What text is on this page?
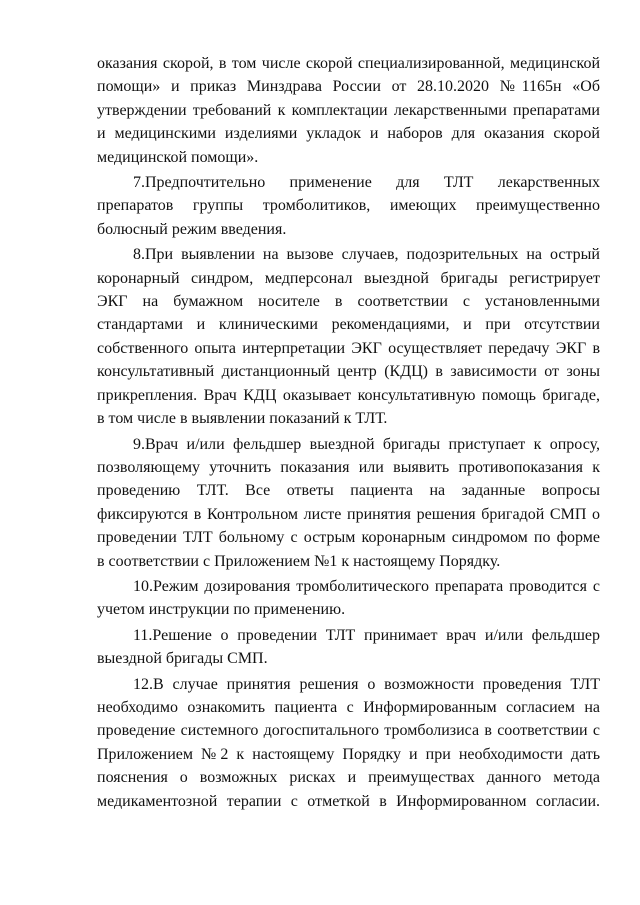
оказания скорой, в том числе скорой специализированной, медицинской
помощи» и приказ Минздрава России от 28.10.2020 №1165н «Об
утверждении требований к комплектации лекарственными препаратами
и медицинскими изделиями укладок и наборов для оказания скорой
медицинской помощи».
7.Предпочтительно применение для ТЛТ лекарственных
препаратов группы тромболитиков, имеющих преимущественно
болюсный режим введения.
8.При выявлении на вызове случаев, подозрительных на острый
коронарный синдром, медперсонал выездной бригады регистрирует
ЭКГ на бумажном носителе в соответствии с установленными
стандартами и клиническими рекомендациями, и при отсутствии
собственного опыта интерпретации ЭКГ осуществляет передачу ЭКГ в
консультативный дистанционный центр (КДЦ) в зависимости от зоны
прикрепления. Врач КДЦ оказывает консультативную помощь бригаде,
в том числе в выявлении показаний к ТЛТ.
9.Врач и/или фельдшер выездной бригады приступает к опросу,
позволяющему уточнить показания или выявить противопоказания к
проведению ТЛТ. Все ответы пациента на заданные вопросы
фиксируются в Контрольном листе принятия решения бригадой СМП о
проведении ТЛТ больному с острым коронарным синдромом по форме
в соответствии с Приложением №1 к настоящему Порядку.
10.Режим дозирования тромболитического препарата проводится с
учетом инструкции по применению.
11.Решение о проведении ТЛТ принимает врач и/или фельдшер
выездной бригады СМП.
12.В случае принятия решения о возможности проведения ТЛТ
необходимо ознакомить пациента с Информированным согласием на
проведение системного догоспитального тромболизиса в соответствии с
Приложением №2 к настоящему Порядку и при необходимости дать
пояснения о возможных рисках и преимуществах данного метода
медикаментозной терапии с отметкой в Информированном согласии.
